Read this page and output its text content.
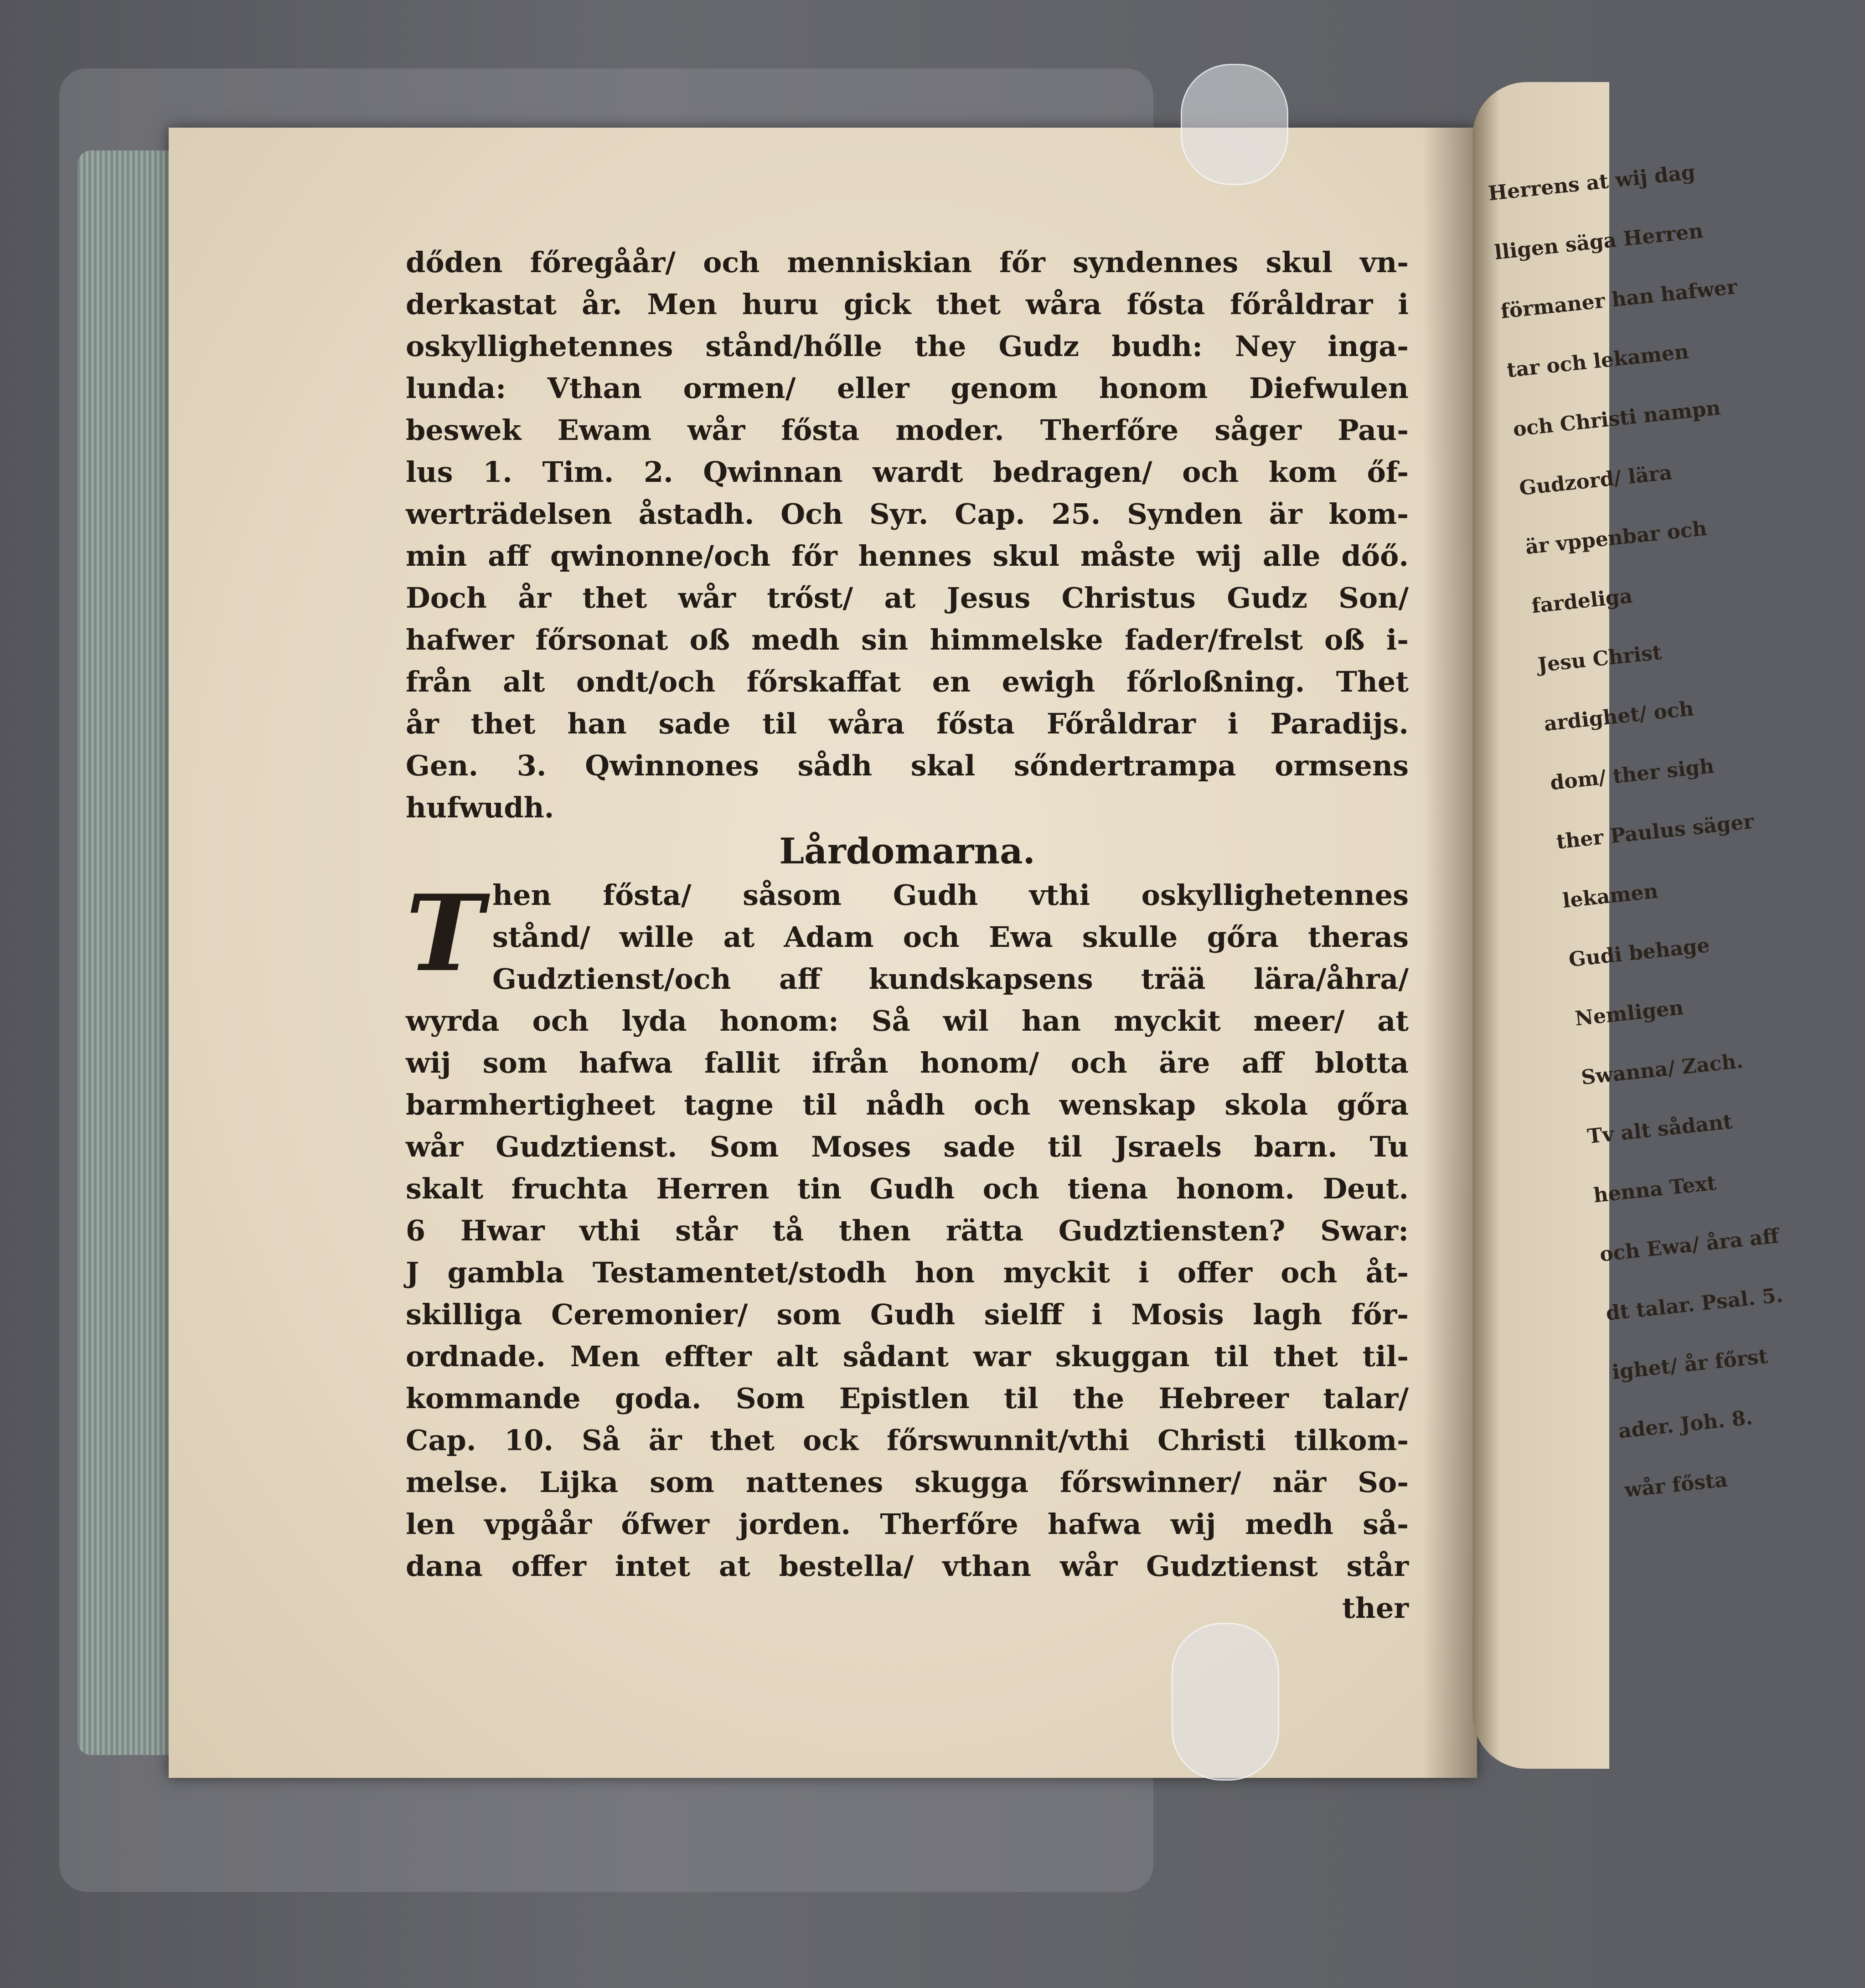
Herrens at wij dag
lligen säga Herren
förmaner han hafwer
tar och lekamen
och Christi nampn
Gudzord/ lära
är vppenbar och
fardeliga
Jesu Christ
ardighet/ och
dom/ ther sigh
ther Paulus säger
lekamen
Gudi behage
Nemligen
Swanna/ Zach.
Tv alt sådant
henna Text
och Ewa/ åra aff
dt talar. Psal. 5.
ighet/ år főrst
ader. Joh. 8.
wår fősta
dőden főregåår/ och menniskian főr syndennes skul vn-
derkastat år. Men huru gick thet wåra fősta főråldrar i
oskyllighetennes stånd/hőlle the Gudz budh: Ney inga-
lunda: Vthan ormen/ eller genom honom Diefwulen
beswek Ewam wår fősta moder. Therfőre såger Pau-
lus 1. Tim. 2. Qwinnan wardt bedragen/ och kom őf-
werträdelsen åstadh. Och Syr. Cap. 25. Synden är kom-
min aff qwinonne/och főr hennes skul måste wij alle dőő.
Doch år thet wår trőst/ at Jesus Christus Gudz Son/
hafwer főrsonat oß medh sin himmelske fader/frelst oß i-
från alt ondt/och főrskaffat en ewigh főrloßning. Thet
år thet han sade til wåra fősta Főråldrar i Paradijs.
Gen. 3. Qwinnones sådh skal sőndertrampa ormsens
hufwudh.
Lårdomarna.
T hen fősta/ såsom Gudh vthi oskyllighetennes
stånd/ wille at Adam och Ewa skulle gőra theras
Gudztienst/och aff kundskapsens trää lära/åhra/
wyrda och lyda honom: Så wil han myckit meer/ at
wij som hafwa fallit ifrån honom/ och äre aff blotta
barmhertigheet tagne til nådh och wenskap skola gőra
wår Gudztienst. Som Moses sade til Jsraels barn. Tu
skalt fruchta Herren tin Gudh och tiena honom. Deut.
6 Hwar vthi står tå then rätta Gudztiensten? Swar:
J gambla Testamentet/stodh hon myckit i offer och åt-
skilliga Ceremonier/ som Gudh sielff i Mosis lagh főr-
ordnade. Men effter alt sådant war skuggan til thet til-
kommande goda. Som Epistlen til the Hebreer talar/
Cap. 10. Så är thet ock főrswunnit/vthi Christi tilkom-
melse. Lijka som nattenes skugga főrswinner/ när So-
len vpgåår őfwer jorden. Therfőre hafwa wij medh så-
dana offer intet at bestella/ vthan wår Gudztienst står
ther
